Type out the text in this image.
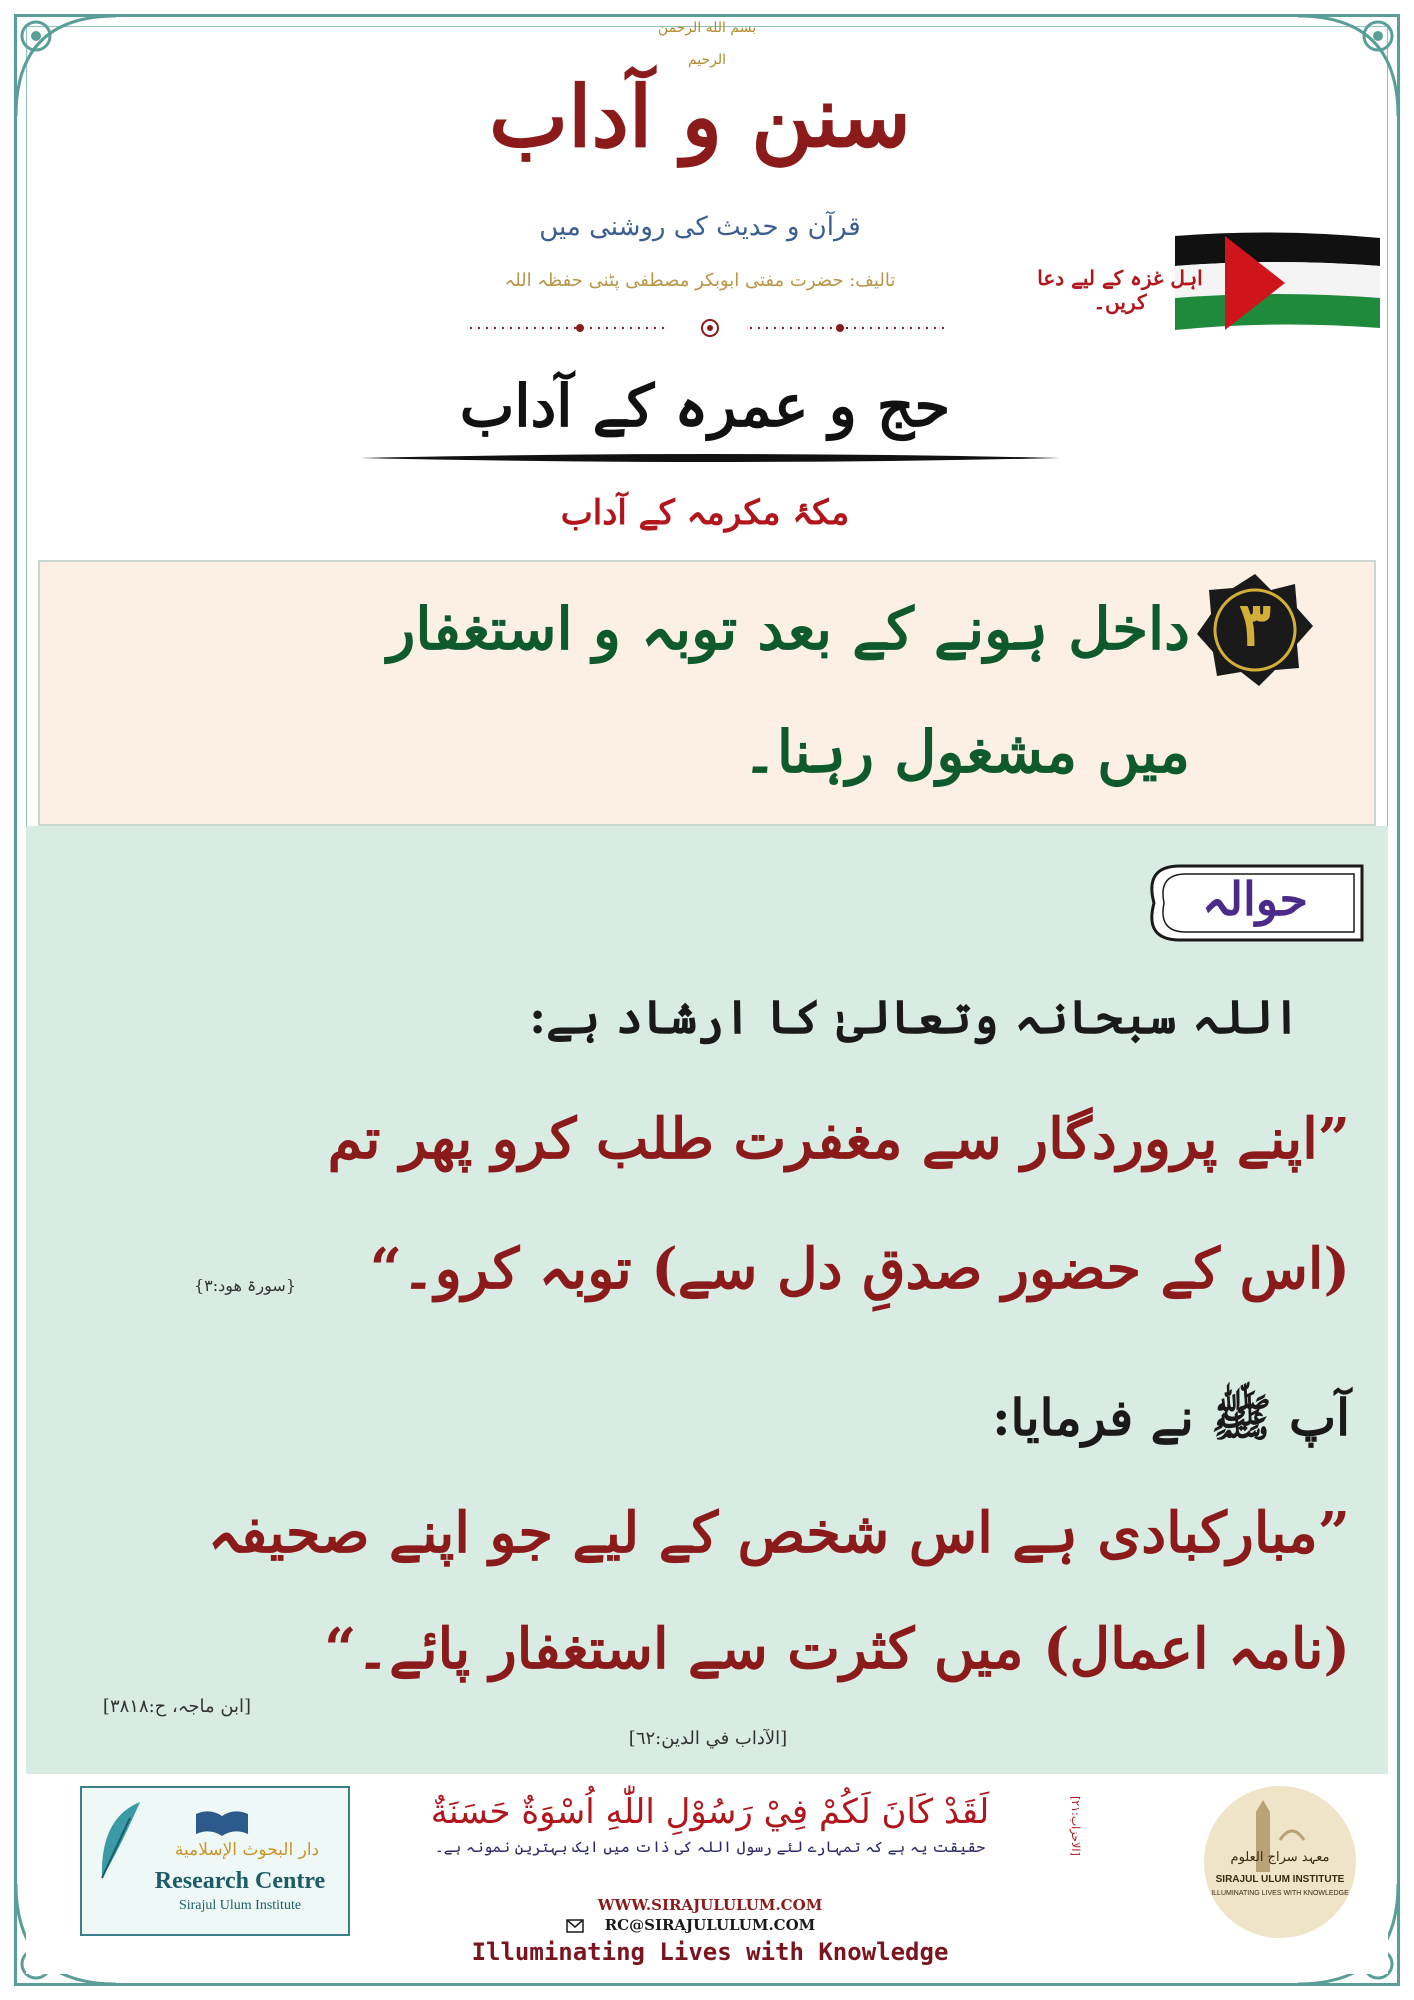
بسم الله الرحمن الرحيم
سنن و آداب
قرآن و حدیث کی روشنی میں
تالیف: حضرت مفتی ابوبکر مصطفی پٹنی حفظہ اللہ	اہل غزہ کے لیے دعا کریں۔
حج و عمرہ کے آداب
مکۂ مکرمہ کے آداب
۳
داخل ہونے کے بعد توبہ و استغفار
میں مشغول رہنا۔
حوالہ
اللہ سبحانہ وتعالیٰ کا ارشاد ہے:
”اپنے پروردگار سے مغفرت طلب کرو پھر تم
(اس کے حضور صدقِ دل سے) توبہ کرو۔“
{سورۃ ھود:۳}
آپ ﷺ نے فرمایا:
”مبارکبادی ہے اس شخص کے لیے جو اپنے صحیفہ
(نامہ اعمال) میں کثرت سے استغفار پائے۔“
[ابن ماجہ، ح:۳۸۱۸]
[الآداب في الدين:٦٢]
دار البحوث الإسلامية
Research Centre
Sirajul Ulum Institute
لَقَدْ كَانَ لَكُمْ فِيْ رَسُوْلِ اللّٰهِ اُسْوَةٌ حَسَنَةٌ	[الاحزاب:۲۱]
حقیقت یہ ہے کہ تمہارے لئے رسول اللہ کی ذات میں ایک بہترین نمونہ ہے۔
WWW.SIRAJULULUM.COM
RC@SIRAJULULUM.COM
Illuminating Lives with Knowledge
معہد سراج العلوم
SIRAJUL ULUM INSTITUTE
ILLUMINATING LIVES WITH KNOWLEDGE
